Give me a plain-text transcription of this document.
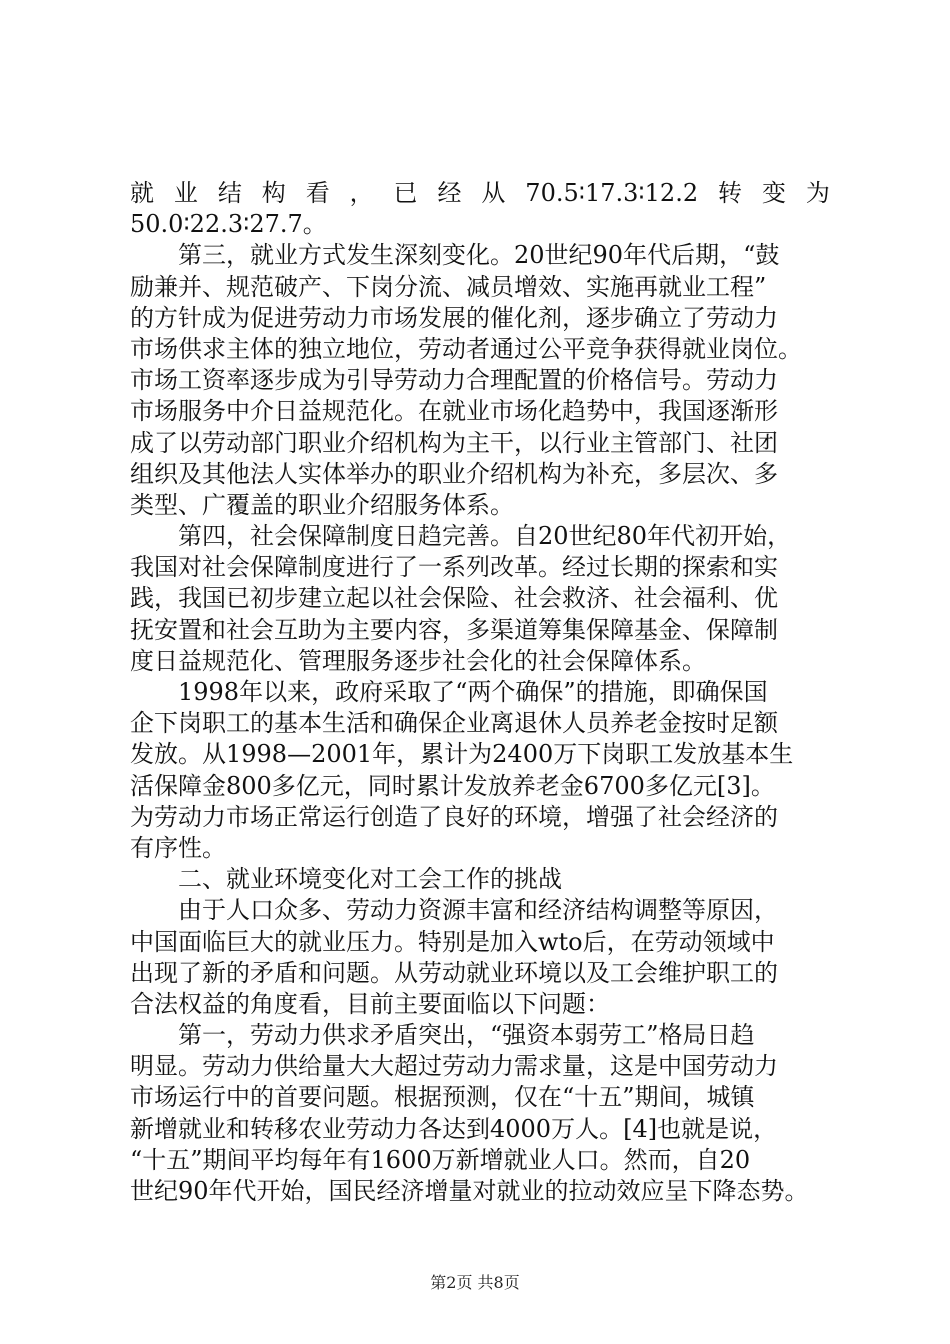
就 业 结 构 看 ， 已 经 从 70.5∶17.3∶12.2 转 变 为
50.0∶22.3∶27.7。
第三，就业方式发生深刻变化。20世纪90年代后期，“鼓
励兼并、规范破产、下岗分流、减员增效、实施再就业工程”
的方针成为促进劳动力市场发展的催化剂，逐步确立了劳动力
市场供求主体的独立地位，劳动者通过公平竞争获得就业岗位。
市场工资率逐步成为引导劳动力合理配置的价格信号。劳动力
市场服务中介日益规范化。在就业市场化趋势中，我国逐渐形
成了以劳动部门职业介绍机构为主干，以行业主管部门、社团
组织及其他法人实体举办的职业介绍机构为补充，多层次、多
类型、广覆盖的职业介绍服务体系。
第四，社会保障制度日趋完善。自20世纪80年代初开始，
我国对社会保障制度进行了一系列改革。经过长期的探索和实
践，我国已初步建立起以社会保险、社会救济、社会福利、优
抚安置和社会互助为主要内容，多渠道筹集保障基金、保障制
度日益规范化、管理服务逐步社会化的社会保障体系。
1998年以来，政府采取了“两个确保”的措施，即确保国
企下岗职工的基本生活和确保企业离退休人员养老金按时足额
发放。从1998—2001年，累计为2400万下岗职工发放基本生
活保障金800多亿元，同时累计发放养老金6700多亿元[3]。
为劳动力市场正常运行创造了良好的环境，增强了社会经济的
有序性。
二、就业环境变化对工会工作的挑战
由于人口众多、劳动力资源丰富和经济结构调整等原因，
中国面临巨大的就业压力。特别是加入wto后，在劳动领域中
出现了新的矛盾和问题。从劳动就业环境以及工会维护职工的
合法权益的角度看，目前主要面临以下问题：
第一，劳动力供求矛盾突出，“强资本弱劳工”格局日趋
明显。劳动力供给量大大超过劳动力需求量，这是中国劳动力
市场运行中的首要问题。根据预测，仅在“十五”期间，城镇
新增就业和转移农业劳动力各达到4000万人。[4]也就是说，
“十五”期间平均每年有1600万新增就业人口。然而，自20
世纪90年代开始，国民经济增量对就业的拉动效应呈下降态势。
第2页 共8页
